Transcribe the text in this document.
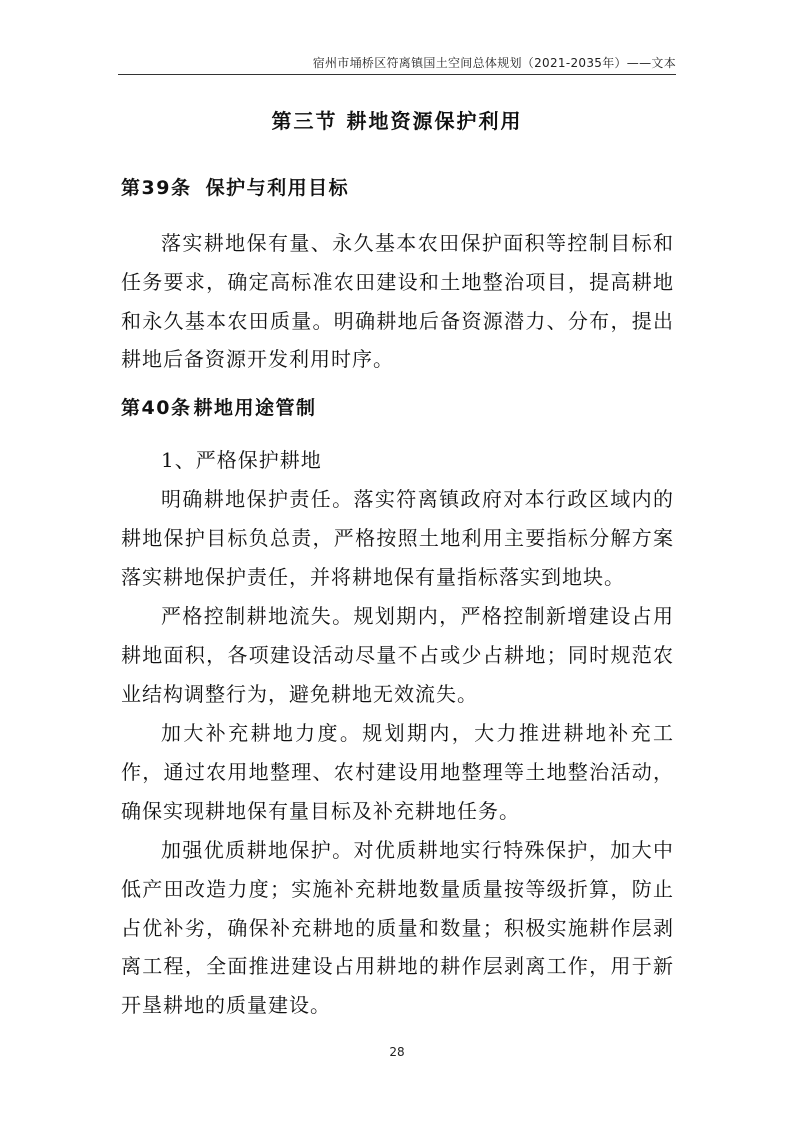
宿州市埇桥区符离镇国土空间总体规划（2021-2035年）——文本
第三节 耕地资源保护利用
第39条 保护与利用目标

落实耕地保有量、永久基本农田保护面积等控制目标和任务要求，确定高标准农田建设和土地整治项目，提高耕地和永久基本农田质量。明确耕地后备资源潜力、分布，提出耕地后备资源开发利用时序。

第40条 耕地用途管制

1、严格保护耕地

明确耕地保护责任。落实符离镇政府对本行政区域内的耕地保护目标负总责，严格按照土地利用主要指标分解方案落实耕地保护责任，并将耕地保有量指标落实到地块。

严格控制耕地流失。规划期内，严格控制新增建设占用耕地面积，各项建设活动尽量不占或少占耕地；同时规范农业结构调整行为，避免耕地无效流失。

加大补充耕地力度。规划期内，大力推进耕地补充工作，通过农用地整理、农村建设用地整理等土地整治活动，确保实现耕地保有量目标及补充耕地任务。

加强优质耕地保护。对优质耕地实行特殊保护，加大中低产田改造力度；实施补充耕地数量质量按等级折算，防止占优补劣，确保补充耕地的质量和数量；积极实施耕作层剥离工程，全面推进建设占用耕地的耕作层剥离工作，用于新开垦耕地的质量建设。

28
